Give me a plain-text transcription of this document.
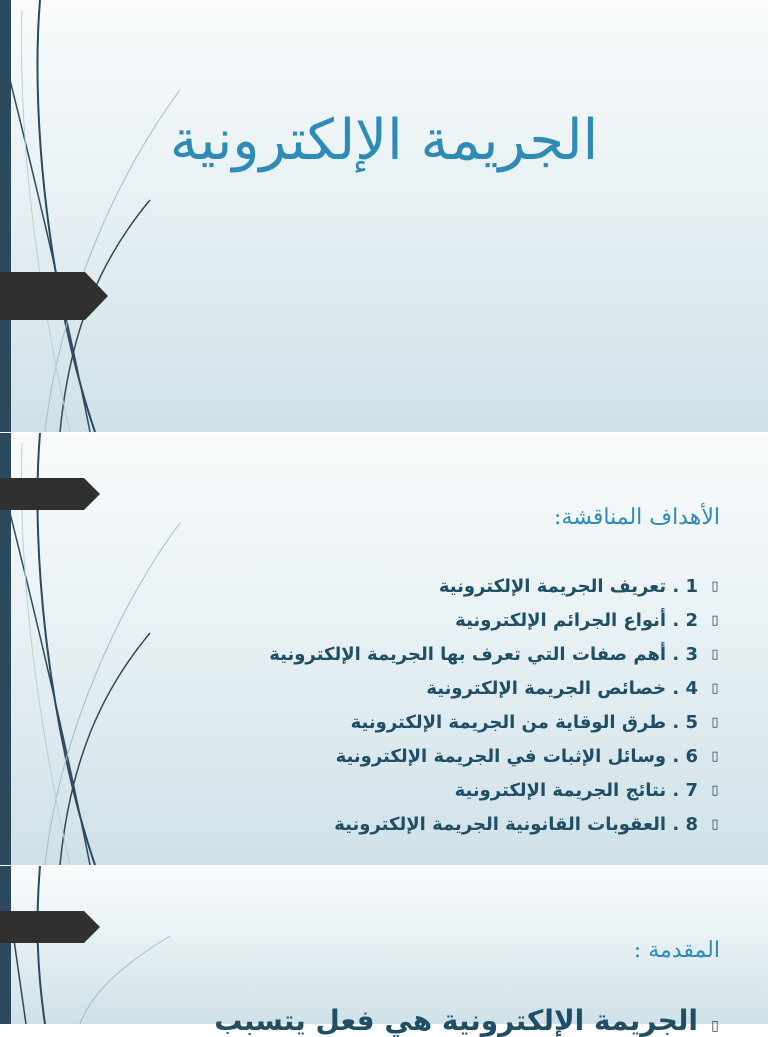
الجريمة الإلكترونية
الأهداف المناقشة:
▯
1 . تعريف الجريمة الإلكترونية
▯
2 . أنواع الجرائم الإلكترونية
▯
3 . أهم صفات التي تعرف بها الجريمة الإلكترونية
▯
4 . خصائص الجريمة الإلكترونية
▯
5 . طرق الوقاية من الجريمة الإلكترونية
▯
6 . وسائل الإثبات في الجريمة الإلكترونية
▯
7 . نتائج الجريمة الإلكترونية
▯
8 . العقوبات القانونية الجريمة الإلكترونية
المقدمة :
▯الجريمة الإلكترونية هي فعل يتسبب
